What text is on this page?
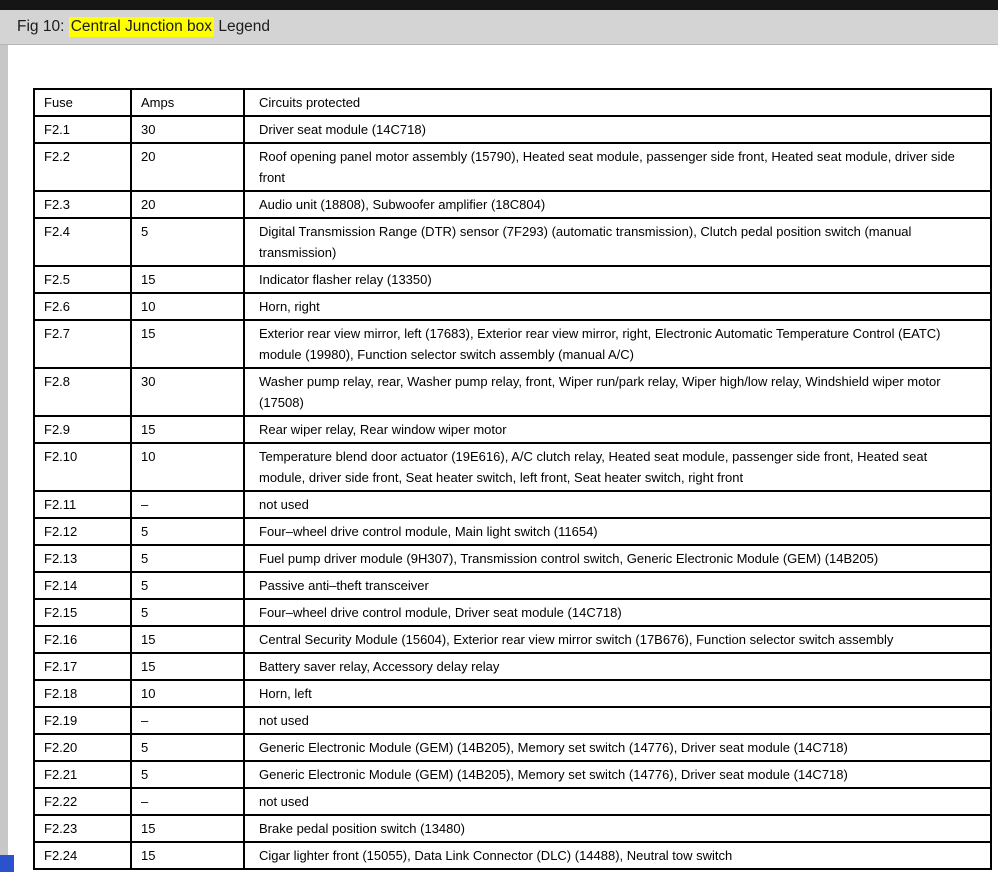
Fig 10: Central Junction box Legend
Fuse	Amps	Circuits protected
F2.1	30	Driver seat module (14C718)
F2.2	20	Roof opening panel motor assembly (15790), Heated seat module, passenger side front, Heated seat module, driver side front
F2.3	20	Audio unit (18808), Subwoofer amplifier (18C804)
F2.4	5	Digital Transmission Range (DTR) sensor (7F293) (automatic transmission), Clutch pedal position switch (manual transmission)
F2.5	15	Indicator flasher relay (13350)
F2.6	10	Horn, right
F2.7	15	Exterior rear view mirror, left (17683), Exterior rear view mirror, right, Electronic Automatic Temperature Control (EATC) module (19980), Function selector switch assembly (manual A/C)
F2.8	30	Washer pump relay, rear, Washer pump relay, front, Wiper run/park relay, Wiper high/low relay, Windshield wiper motor (17508)
F2.9	15	Rear wiper relay, Rear window wiper motor
F2.10	10	Temperature blend door actuator (19E616), A/C clutch relay, Heated seat module, passenger side front, Heated seat module, driver side front, Seat heater switch, left front, Seat heater switch, right front
F2.11	–	not used
F2.12	5	Four–wheel drive control module, Main light switch (11654)
F2.13	5	Fuel pump driver module (9H307), Transmission control switch, Generic Electronic Module (GEM) (14B205)
F2.14	5	Passive anti–theft transceiver
F2.15	5	Four–wheel drive control module, Driver seat module (14C718)
F2.16	15	Central Security Module (15604), Exterior rear view mirror switch (17B676), Function selector switch assembly
F2.17	15	Battery saver relay, Accessory delay relay
F2.18	10	Horn, left
F2.19	–	not used
F2.20	5	Generic Electronic Module (GEM) (14B205), Memory set switch (14776), Driver seat module (14C718)
F2.21	5	Generic Electronic Module (GEM) (14B205), Memory set switch (14776), Driver seat module (14C718)
F2.22	–	not used
F2.23	15	Brake pedal position switch (13480)
F2.24	15	Cigar lighter front (15055), Data Link Connector (DLC) (14488), Neutral tow switch
